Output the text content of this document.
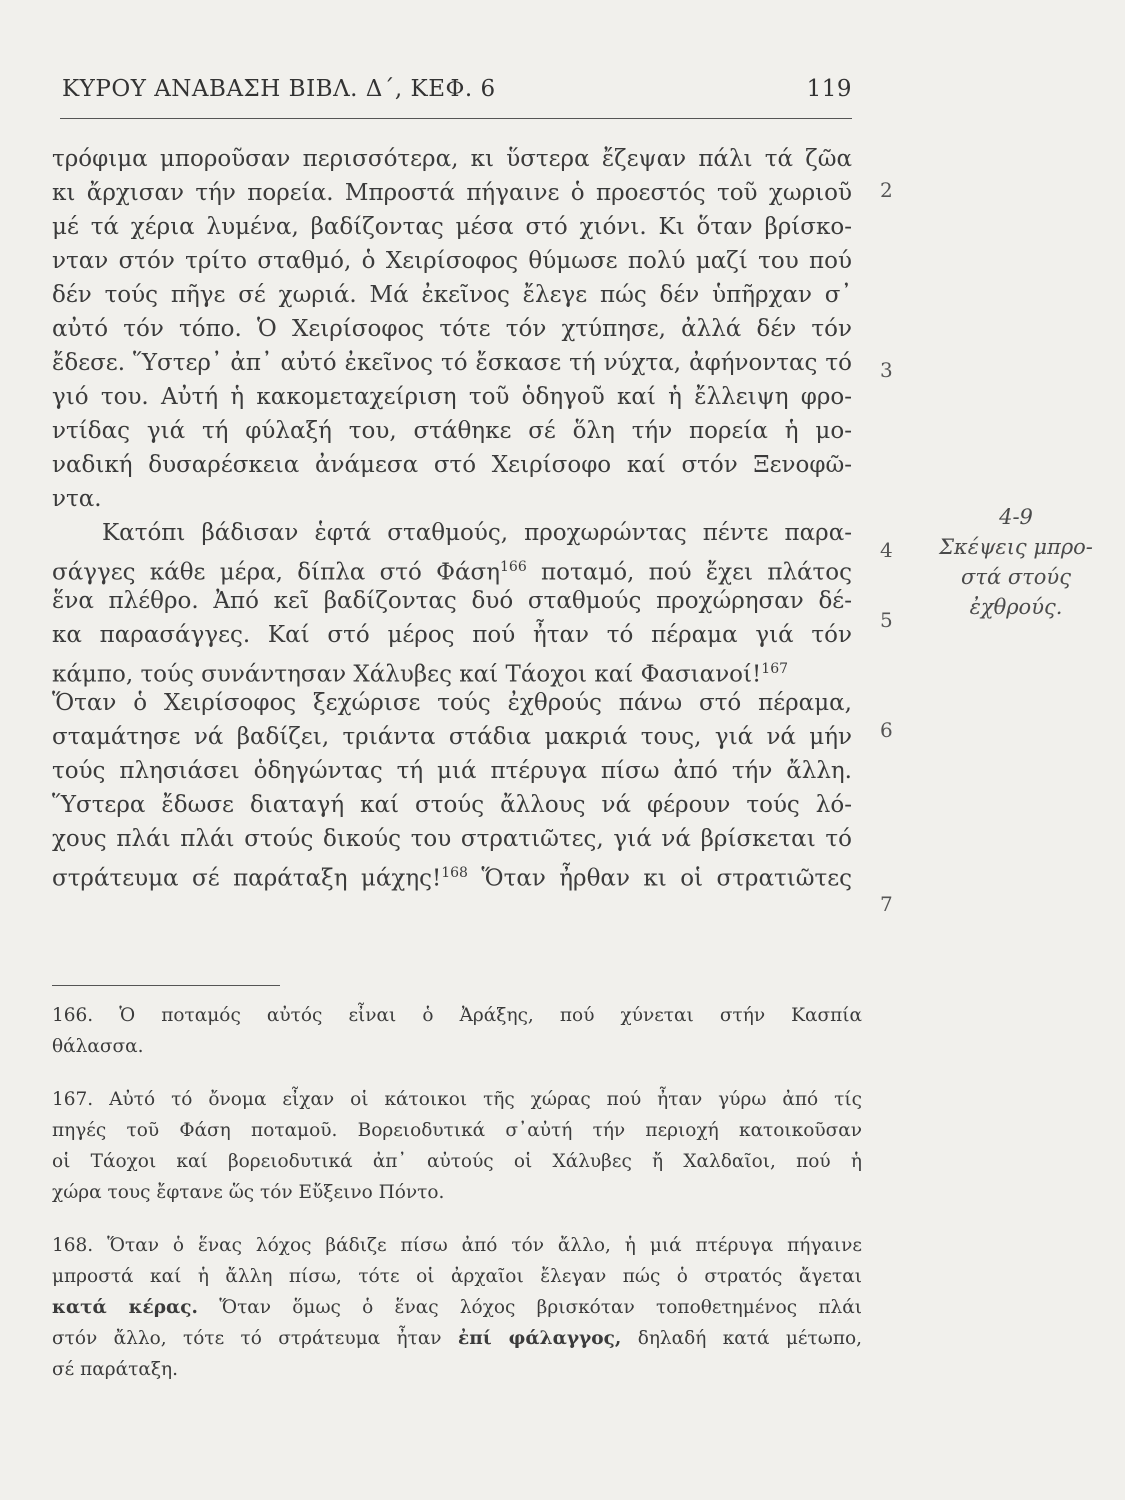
ΚΥΡΟΥ ΑΝΑΒΑΣΗ ΒΙΒΛ. Δ΄, ΚΕΦ. 6	119
τρόφιμα μποροῦσαν περισσότερα, κι ὕστερα ἔζεψαν πάλι τά ζῶα
κι ἄρχισαν τήν πορεία. Μπροστά πήγαινε ὁ προεστός τοῦ χωριοῦ
μέ τά χέρια λυμένα, βαδίζοντας μέσα στό χιόνι. Κι ὅταν βρίσκο-
νταν στόν τρίτο σταθμό, ὁ Χειρίσοφος θύμωσε πολύ μαζί του πού
δέν τούς πῆγε σέ χωριά. Μά ἐκεῖνος ἔλεγε πώς δέν ὑπῆρχαν σ᾽
αὐτό τόν τόπο. Ὁ Χειρίσοφος τότε τόν χτύπησε, ἀλλά δέν τόν
ἔδεσε. Ὕστερ᾽ ἀπ᾽ αὐτό ἐκεῖνος τό ἔσκασε τή νύχτα, ἀφήνοντας τό
γιό του. Αὐτή ἡ κακομεταχείριση τοῦ ὁδηγοῦ καί ἡ ἔλλειψη φρο-
ντίδας γιά τή φύλαξή του, στάθηκε σέ ὅλη τήν πορεία ἡ μο-
ναδική δυσαρέσκεια ἀνάμεσα στό Χειρίσοφο καί στόν Ξενοφῶ-
ντα.
Κατόπι βάδισαν ἑφτά σταθμούς, προχωρώντας πέντε παρα-
σάγγες κάθε μέρα, δίπλα στό Φάση$^{166}$ ποταμό, πού ἔχει πλάτος
ἕνα πλέθρο. Ἀπό κεῖ βαδίζοντας δυό σταθμούς προχώρησαν δέ-
κα παρασάγγες. Καί στό μέρος πού ἦταν τό πέραμα γιά τόν
κάμπο, τούς συνάντησαν Χάλυβες καί Τάοχοι καί Φασιανοί!$^{167}$
Ὅταν ὁ Χειρίσοφος ξεχώρισε τούς ἐχθρούς πάνω στό πέραμα,
σταμάτησε νά βαδίζει, τριάντα στάδια μακριά τους, γιά νά μήν
τούς πλησιάσει ὁδηγώντας τή μιά πτέρυγα πίσω ἀπό τήν ἄλλη.
Ὕστερα ἔδωσε διαταγή καί στούς ἄλλους νά φέρουν τούς λό-
χους πλάι πλάι στούς δικούς του στρατιῶτες, γιά νά βρίσκεται τό
στράτευμα σέ παράταξη μάχης!$^{168}$ Ὅταν ἦρθαν κι οἱ στρατιῶτες
2
3
4
5
6
7
4-9
Σκέψεις μπρο-
στά στούς
ἐχθρούς.
166. Ὁ ποταμός αὐτός εἶναι ὁ Ἀράξης, πού χύνεται στήν Κασπία
θάλασσα.
167. Αὐτό τό ὄνομα εἶχαν οἱ κάτοικοι τῆς χώρας πού ἦταν γύρω ἀπό τίς
πηγές τοῦ Φάση ποταμοῦ. Βορειοδυτικά σ᾽αὐτή τήν περιοχή κατοικοῦσαν
οἱ Τάοχοι καί βορειοδυτικά ἀπ᾽ αὐτούς οἱ Χάλυβες ἤ Χαλδαῖοι, πού ἡ
χώρα τους ἔφτανε ὥς τόν Εὔξεινο Πόντο.
168. Ὅταν ὁ ἕνας λόχος βάδιζε πίσω ἀπό τόν ἄλλο, ἡ μιά πτέρυγα πήγαινε
μπροστά καί ἡ ἄλλη πίσω, τότε οἱ ἀρχαῖοι ἔλεγαν πώς ὁ στρατός ἄγεται
κατά κέρας. Ὅταν ὅμως ὁ ἕνας λόχος βρισκόταν τοποθετημένος πλάι
στόν ἄλλο, τότε τό στράτευμα ἦταν ἐπί φάλαγγος, δηλαδή κατά μέτωπο,
σέ παράταξη.
